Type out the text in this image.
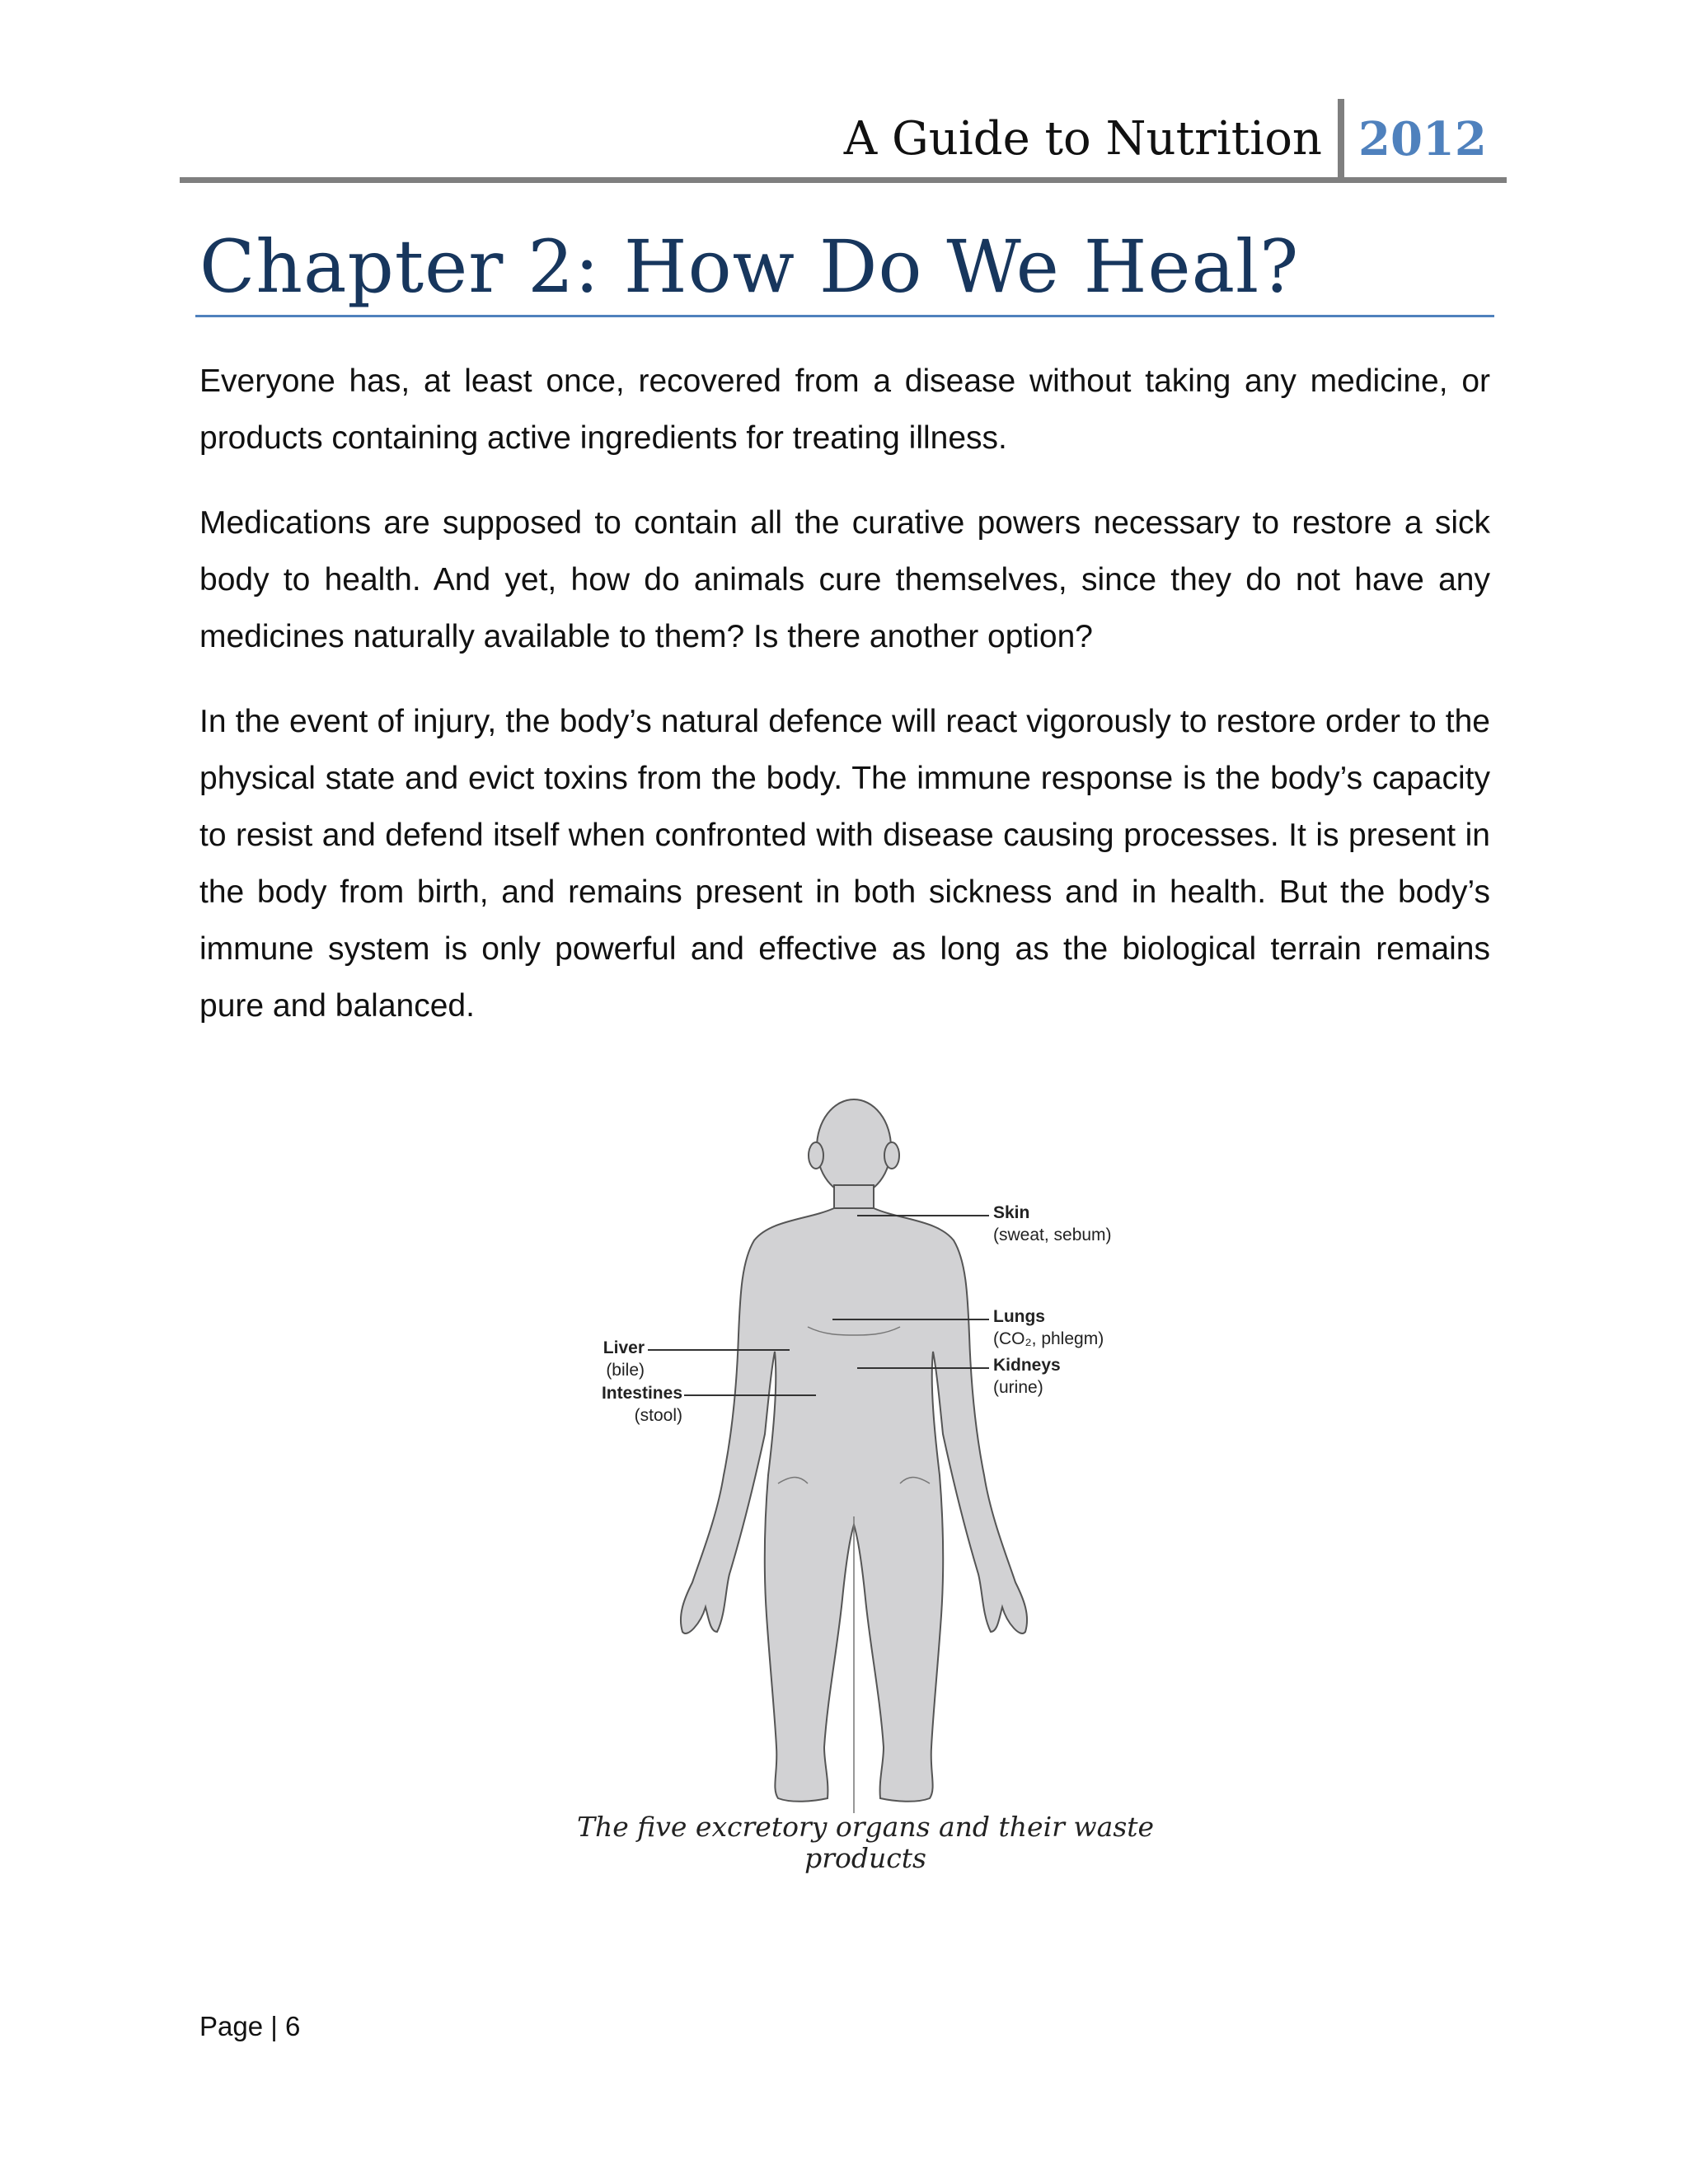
A Guide to Nutrition 2012
Chapter 2: How Do We Heal?

Everyone has, at least once, recovered from a disease without taking any medicine, or products containing active ingredients for treating illness.

Medications are supposed to contain all the curative powers necessary to restore a sick body to health. And yet, how do animals cure themselves, since they do not have any medicines naturally available to them? Is there another option?

In the event of injury, the body’s natural defence will react vigorously to restore order to the physical state and evict toxins from the body. The immune response is the body’s capacity to resist and defend itself when confronted with disease causing processes. It is present in the body from birth, and remains present in both sickness and in health. But the body’s immune system is only powerful and effective as long as the biological terrain remains pure and balanced.

Skin
(sweat, sebum)
Lungs
(CO₂, phlegm)
Kidneys
(urine)
Liver
(bile)
Intestines
(stool)
The five excretory organs and their waste products
Page | 6
